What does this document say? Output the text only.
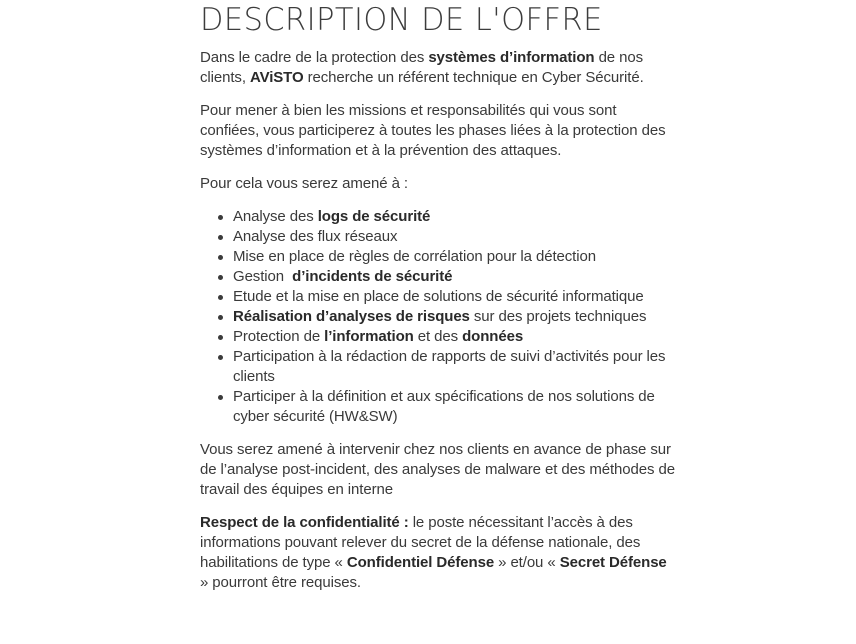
DESCRIPTION DE L'OFFRE

Dans le cadre de la protection des systèmes d’information de nos clients, AViSTO recherche un référent technique en Cyber Sécurité.

Pour mener à bien les missions et responsabilités qui vous sont confiées, vous participerez à toutes les phases liées à la protection des systèmes d’information et à la prévention des attaques.

Pour cela vous serez amené à :

Analyse des logs de sécurité
Analyse des flux réseaux
Mise en place de règles de corrélation pour la détection
Gestion  d’incidents de sécurité
Etude et la mise en place de solutions de sécurité informatique
Réalisation d’analyses de risques sur des projets techniques
Protection de l’information et des données
Participation à la rédaction de rapports de suivi d’activités pour les clients
Participer à la définition et aux spécifications de nos solutions de cyber sécurité (HW&SW)

Vous serez amené à intervenir chez nos clients en avance de phase sur de l’analyse post-incident, des analyses de malware et des méthodes de travail des équipes en interne

Respect de la confidentialité : le poste nécessitant l’accès à des informations pouvant relever du secret de la défense nationale, des habilitations de type « Confidentiel Défense » et/ou « Secret Défense » pourront être requises.
